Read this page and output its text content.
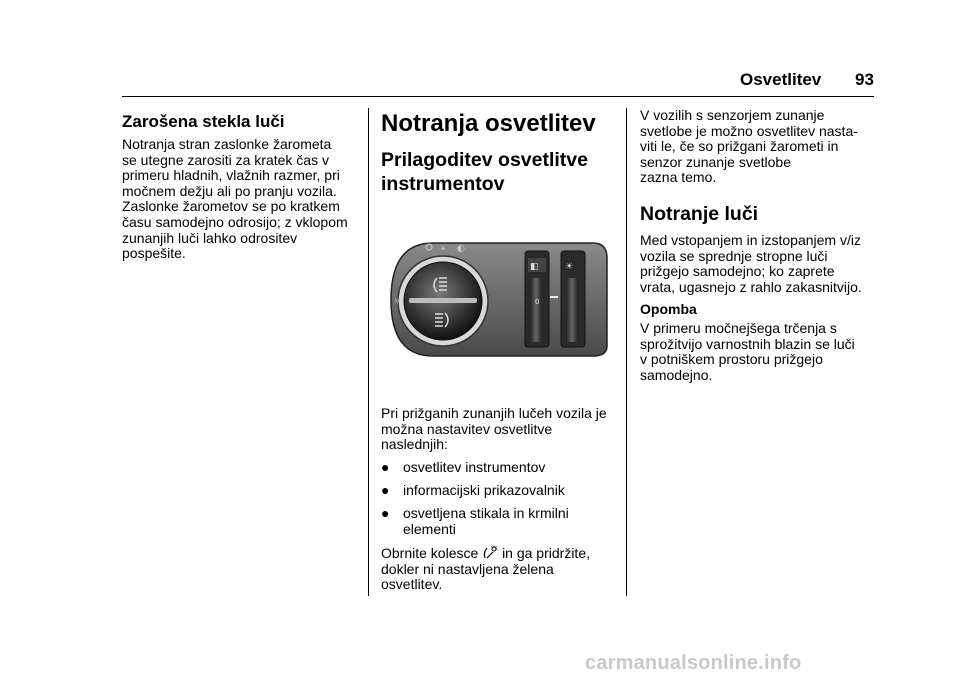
Osvetlitev 93
Zarošena stekla luči

Notranja stran zaslonke žarometa

se utegne zarositi za kratek čas v

primeru hladnih, vlažnih razmer, pri

močnem dežju ali po pranju vozila.

Zaslonke žarometov se po kratkem

času samodejno odrosijo; z vklopom

zunanjih luči lahko odrositev

pospešite.

Notranja osvetlitev
Prilagoditev osvetlitve
instrumentov
⚹ ◐
☼
◧
0
☀

Pri prižganih zunanjih lučeh vozila je

možna nastavitev osvetlitve

naslednjih:

● osvetlitev instrumentov

● informacijski prikazovalnik

● osvetljena stikala in krmilni

elementi

Obrnite kolesce in ga pridržite,

dokler ni nastavljena želena

osvetlitev.

V vozilih s senzorjem zunanje

svetlobe je možno osvetlitev nasta-

viti le, če so prižgani žarometi in

senzor zunanje svetlobe

zazna temo.

Notranje luči

Med vstopanjem in izstopanjem v/iz

vozila se sprednje stropne luči

prižgejo samodejno; ko zaprete

vrata, ugasnejo z rahlo zakasnitvijo.

Opomba

V primeru močnejšega trčenja s

sprožitvijo varnostnih blazin se luči

v potniškem prostoru prižgejo

samodejno.

carmanualsonline.info
